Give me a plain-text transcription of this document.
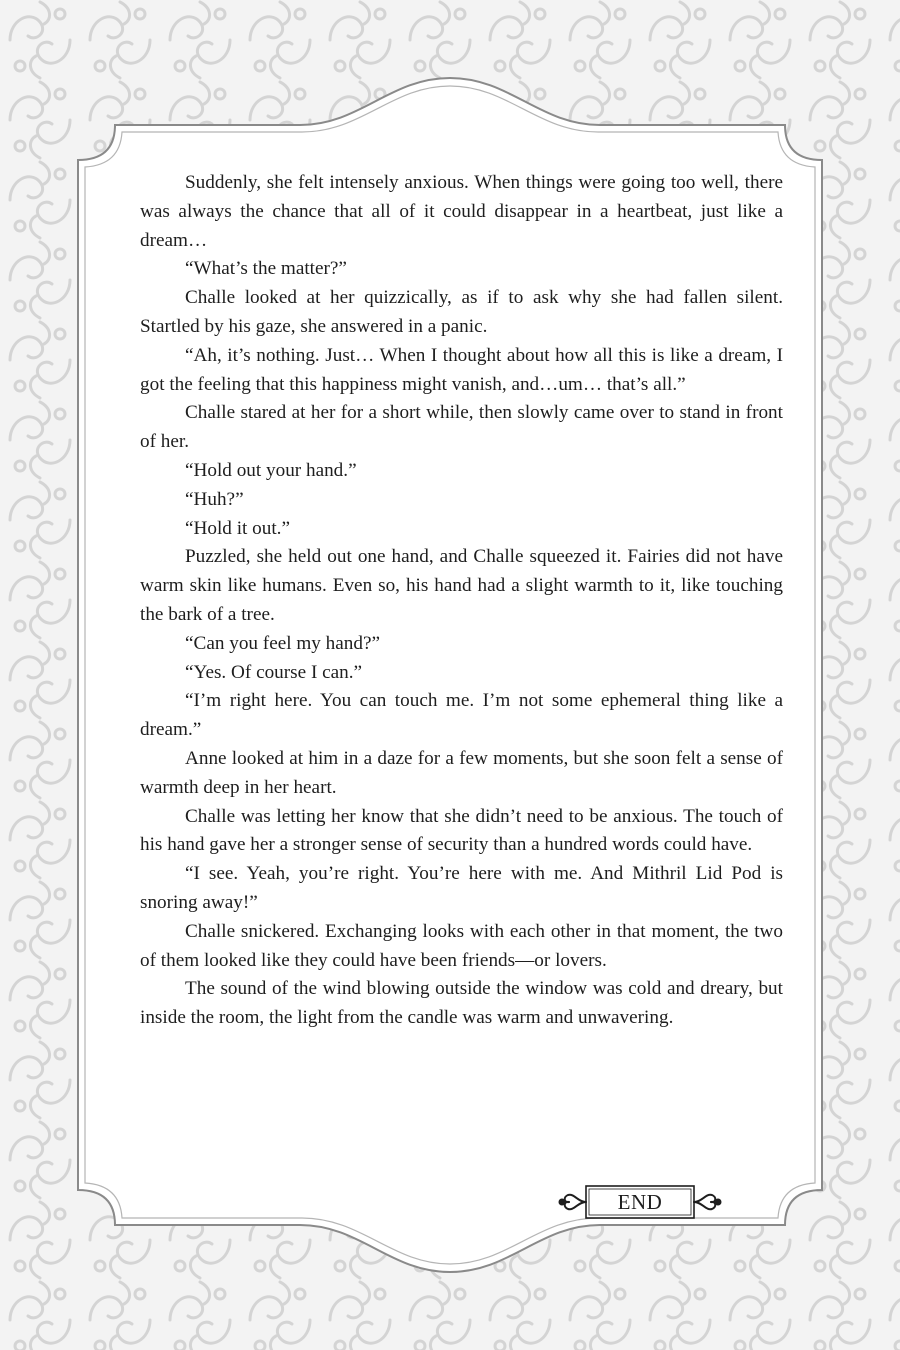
Suddenly, she felt intensely anxious. When things were going too well, there was always the chance that all of it could disappear in a heartbeat, just like a dream…

“What’s the matter?”

Challe looked at her quizzically, as if to ask why she had fallen silent. Startled by his gaze, she answered in a panic.

“Ah, it’s nothing. Just… When I thought about how all this is like a dream, I got the feeling that this happiness might vanish, and…um… that’s all.”

Challe stared at her for a short while, then slowly came over to stand in front of her.

“Hold out your hand.”

“Huh?”

“Hold it out.”

Puzzled, she held out one hand, and Challe squeezed it. Fairies did not have warm skin like humans. Even so, his hand had a slight warmth to it, like touching the bark of a tree.

“Can you feel my hand?”

“Yes. Of course I can.”

“I’m right here. You can touch me. I’m not some ephemeral thing like a dream.”

Anne looked at him in a daze for a few moments, but she soon felt a sense of warmth deep in her heart.

Challe was letting her know that she didn’t need to be anxious. The touch of his hand gave her a stronger sense of security than a hundred words could have.

“I see. Yeah, you’re right. You’re here with me. And Mithril Lid Pod is snoring away!”

Challe snickered. Exchanging looks with each other in that moment, the two of them looked like they could have been friends—or lovers.

The sound of the wind blowing outside the window was cold and dreary, but inside the room, the light from the candle was warm and unwavering.

END
